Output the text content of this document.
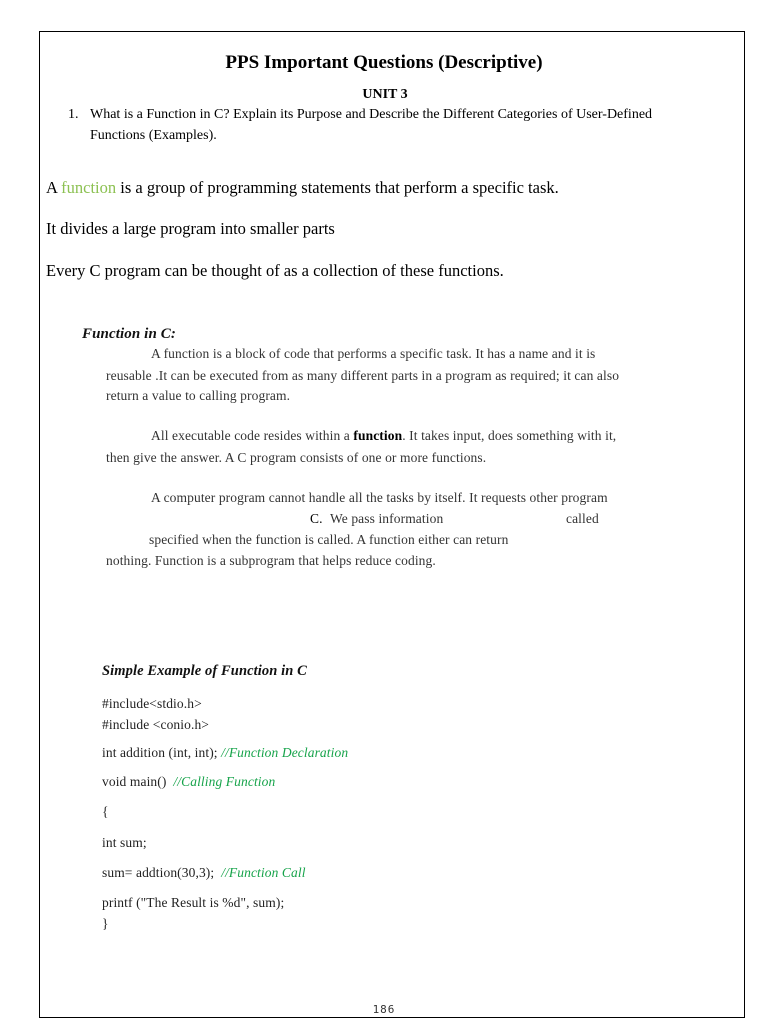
PPS Important Questions (Descriptive)
UNIT 3
1. What is a Function in C? Explain its Purpose and Describe the Different Categories of User-Defined
Functions (Examples).
A function is a group of programming statements that perform a specific task.
It divides a large program into smaller parts
Every C program can be thought of as a collection of these functions.
Function in C:
A function is a block of code that performs a specific task. It has a name and it is
reusable .It can be executed from as many different parts in a program as required; it can also
return a value to calling program.
All executable code resides within a function. It takes input, does something with it,
then give the answer. A C program consists of one or more functions.
A computer program cannot handle all the tasks by itself. It requests other program
C. We pass information	called
specified when the function is called. A function either can return
nothing. Function is a subprogram that helps reduce coding.
Simple Example of Function in C
#include<stdio.h>
#include <conio.h>
int addition (int, int); //Function Declaration
void main() //Calling Function
{
int sum;
sum= addtion(30,3); //Function Call
printf ("The Result is %d", sum);
}
186
